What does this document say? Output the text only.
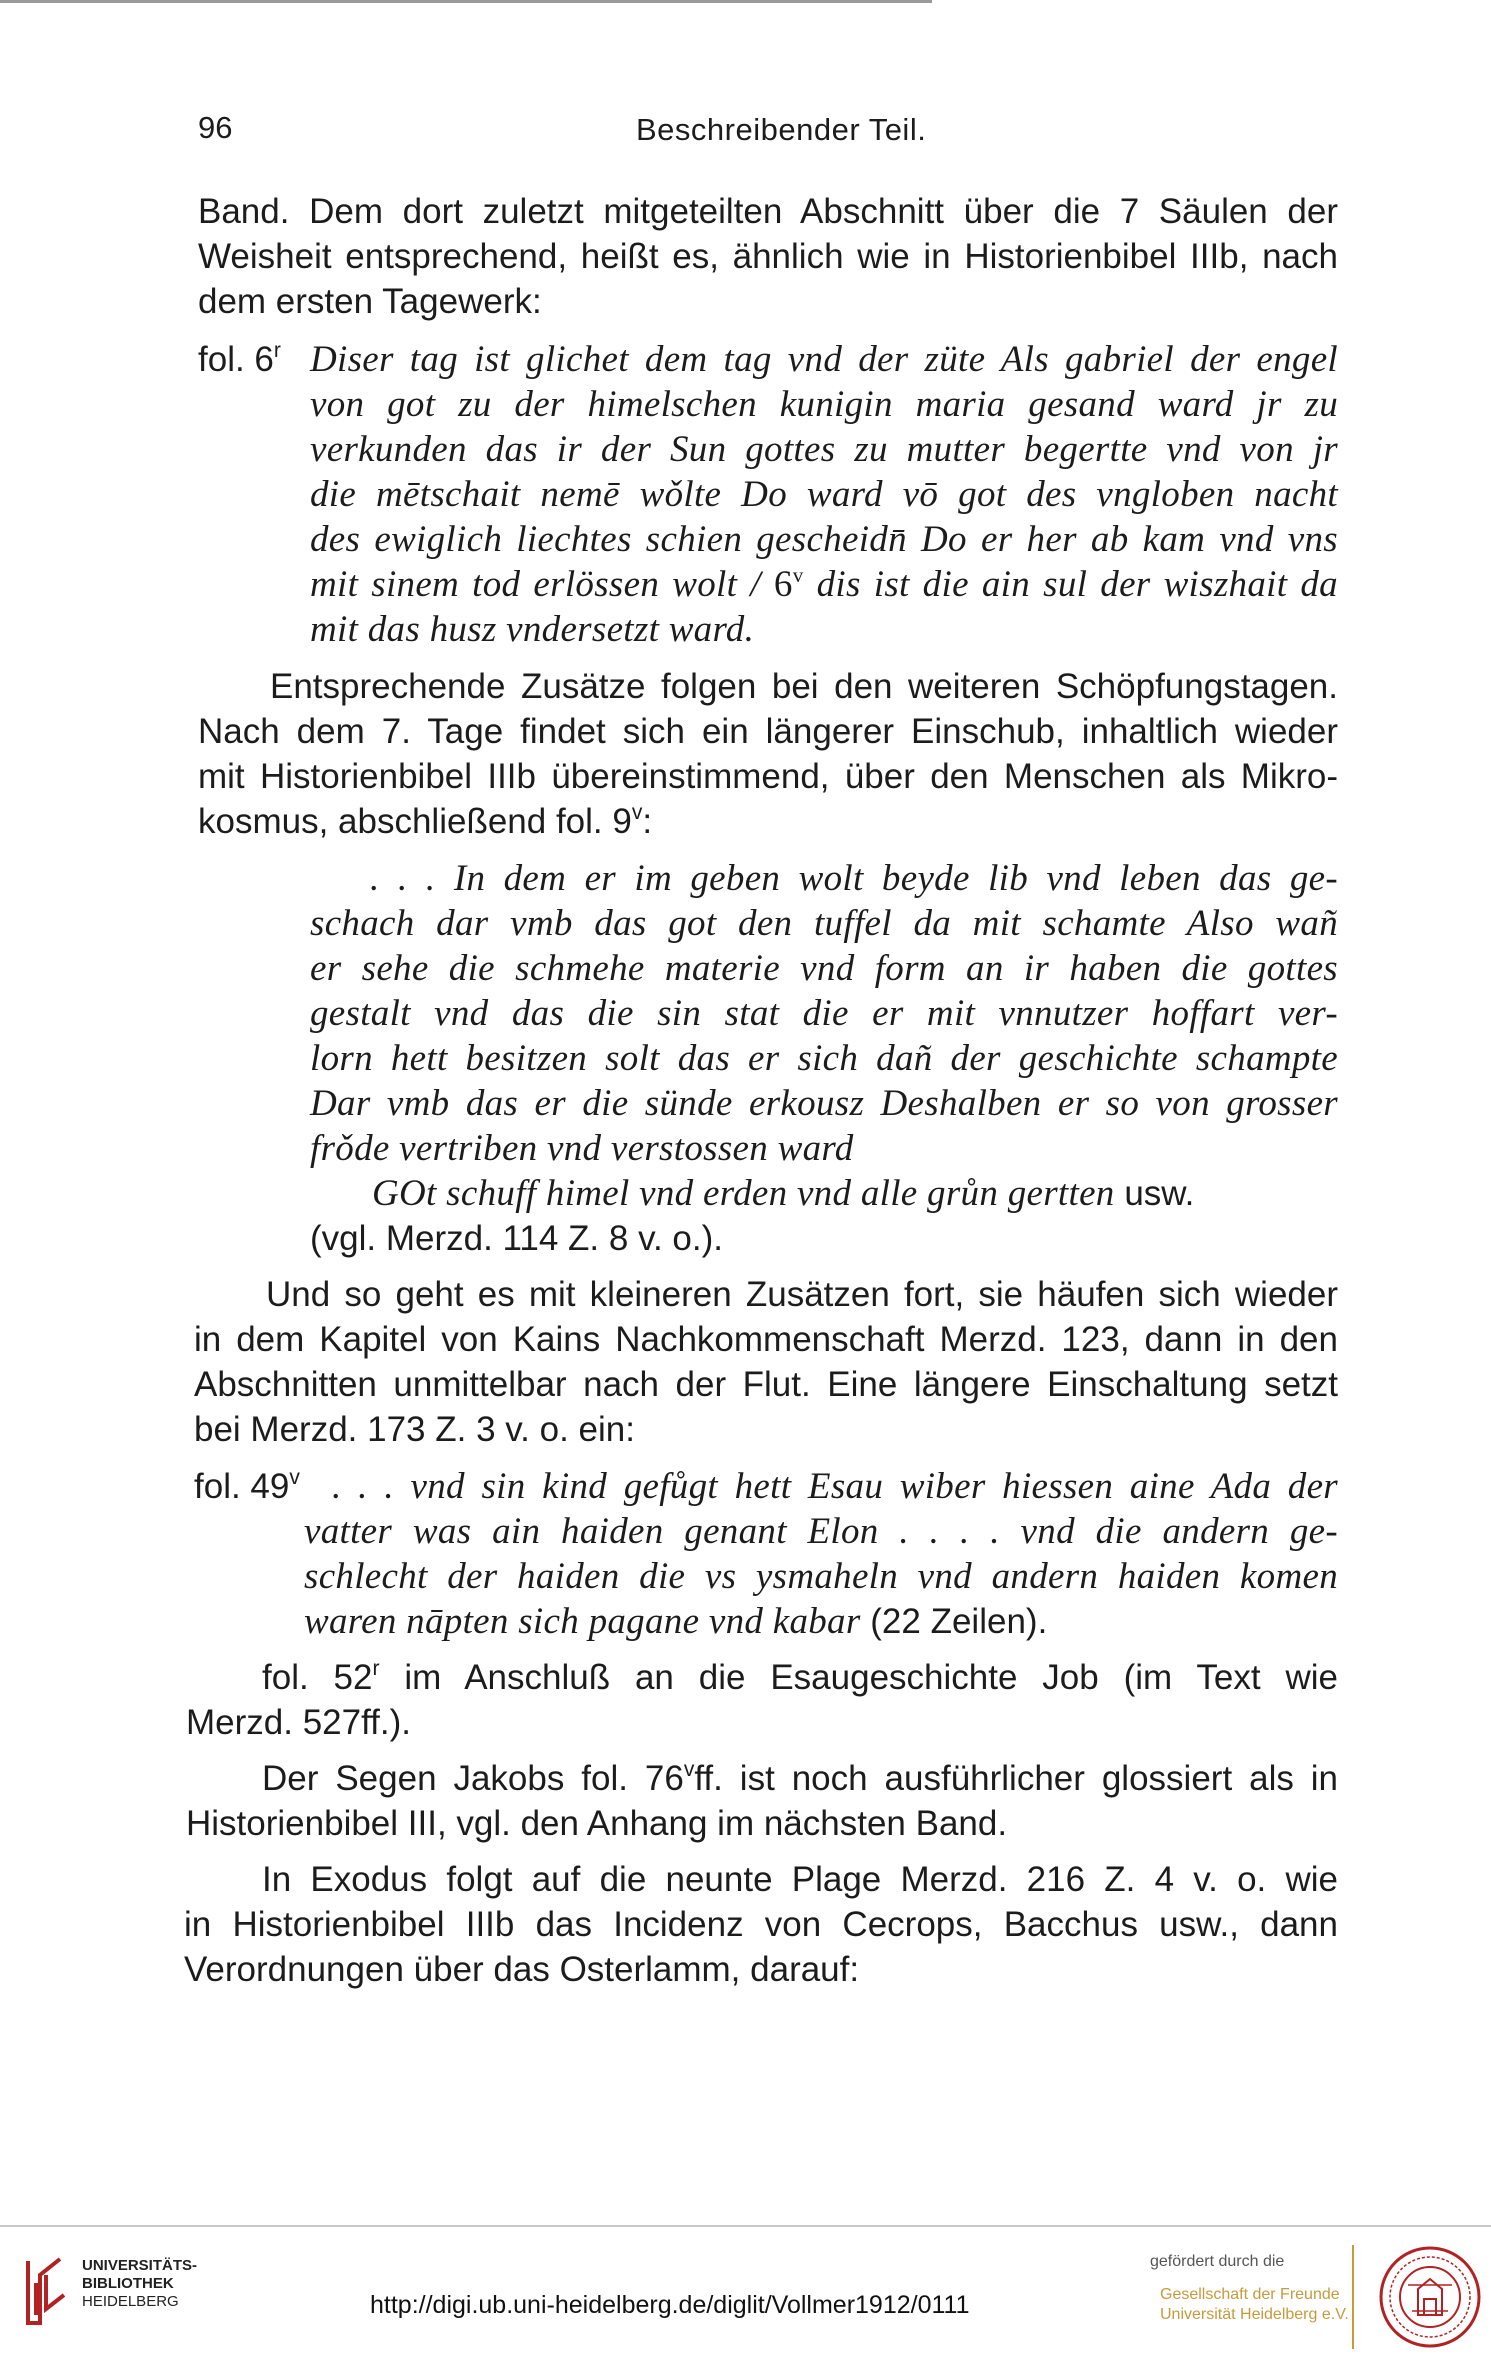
96	Beschreibender Teil.
Band. Dem dort zuletzt mitgeteilten Abschnitt über die 7 Säulen der
Weisheit entsprechend, heißt es, ähnlich wie in Historienbibel IIIb, nach
dem ersten Tagewerk:
fol. 6$^r$ Diser tag ist glichet dem tag vnd der züte Als gabriel der engel
von got zu der himelschen kunigin maria gesand ward jr zu
verkunden das ir der Sun gottes zu mutter begertte vnd von jr
die mētschait nemē wǒlte Do ward vō got des vngloben nacht
des ewiglich liechtes schien gescheidn̄ Do er her ab kam vnd vns
mit sinem tod erlössen wolt / 6$^v$ dis ist die ain sul der wiszhait da
mit das husz vndersetzt ward.
Entsprechende Zusätze folgen bei den weiteren Schöpfungstagen.
Nach dem 7. Tage findet sich ein längerer Einschub, inhaltlich wieder
mit Historienbibel IIIb übereinstimmend, über den Menschen als Mikro-
kosmus, abschließend fol. 9$^v$:
. . . In dem er im geben wolt beyde lib vnd leben das ge-
schach dar vmb das got den tuffel da mit schamte Also wañ
er sehe die schmehe materie vnd form an ir haben die gottes
gestalt vnd das die sin stat die er mit vnnutzer hoffart ver-
lorn hett besitzen solt das er sich dañ der geschichte schampte
Dar vmb das er die sünde erkousz Deshalben er so von grosser
frǒde vertriben vnd verstossen ward
GOt schuff himel vnd erden vnd alle grůn gertten usw.
(vgl. Merzd. 114 Z. 8 v. o.).
Und so geht es mit kleineren Zusätzen fort, sie häufen sich wieder
in dem Kapitel von Kains Nachkommenschaft Merzd. 123, dann in den
Abschnitten unmittelbar nach der Flut. Eine längere Einschaltung setzt
bei Merzd. 173 Z. 3 v. o. ein:
fol. 49$^v$ . . . vnd sin kind gefůgt hett Esau wiber hiessen aine Ada der
vatter was ain haiden genant Elon . . . . vnd die andern ge-
schlecht der haiden die vs ysmaheln vnd andern haiden komen
waren nāpten sich pagane vnd kabar (22 Zeilen).
fol. 52$^r$ im Anschluß an die Esaugeschichte Job (im Text wie
Merzd. 527ff.).
Der Segen Jakobs fol. 76$^v$ff. ist noch ausführlicher glossiert als in
Historienbibel III, vgl. den Anhang im nächsten Band.
In Exodus folgt auf die neunte Plage Merzd. 216 Z. 4 v. o. wie
in Historienbibel IIIb das Incidenz von Cecrops, Bacchus usw., dann
Verordnungen über das Osterlamm, darauf:
UNIVERSITÄTS-
BIBLIOTHEK
HEIDELBERG	http://digi.ub.uni-heidelberg.de/diglit/Vollmer1912/0111
gefördert durch die
Gesellschaft der Freunde
Universität Heidelberg e.V.
